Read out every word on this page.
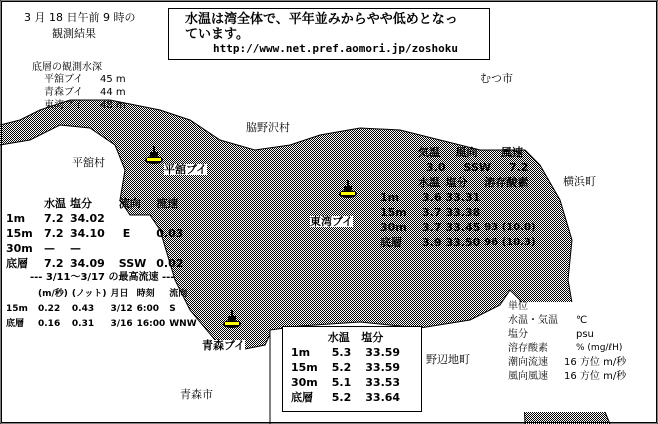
3 月 18 日午前 9 時の
観測結果
水温は湾全体で、平年並みからやや低めとなっ
ています。
http://www.net.pref.aomori.jp/zoshoku
底層の観測水深
平舘ブイ 45 m
青森ブイ 44 m
東湾ブイ 48 m
むつ市
脇野沢村
平舘村
横浜町
野辺地町
青森市
平舘ブイ
東湾ブイ
青森ブイ
	水温	塩分	流向	流速
1m	7.2	34.02		
15m	7.2	34.10	E	0.03
30m	—	—		
底層	7.2	34.09	SSW	0.02
--- 3/11～3/17 の最高流速 ---
	(m/秒)	(ノット)	月日	時刻	流向
15m	0.22	0.43	3/12	6:00	S
底層	0.16	0.31	3/16	16:00	WNW
	気温	風向	風速
	3.0	SSW	7.2
	水温	塩分	溶存酸素
1m	3.6	33.31	
15m	3.7	33.38	
30m	3.7	33.45	93 (10.0)
底層	3.9	33.50	96 (10.3)
	水温	塩分
1m	5.3	33.59
15m	5.2	33.59
30m	5.1	33.53
底層	5.2	33.64
単位
水温・気温 ℃
塩分	psu
溶存酸素	% (mg/ℓH)
潮向流速 16 方位 m/秒
風向風速 16 方位 m/秒
